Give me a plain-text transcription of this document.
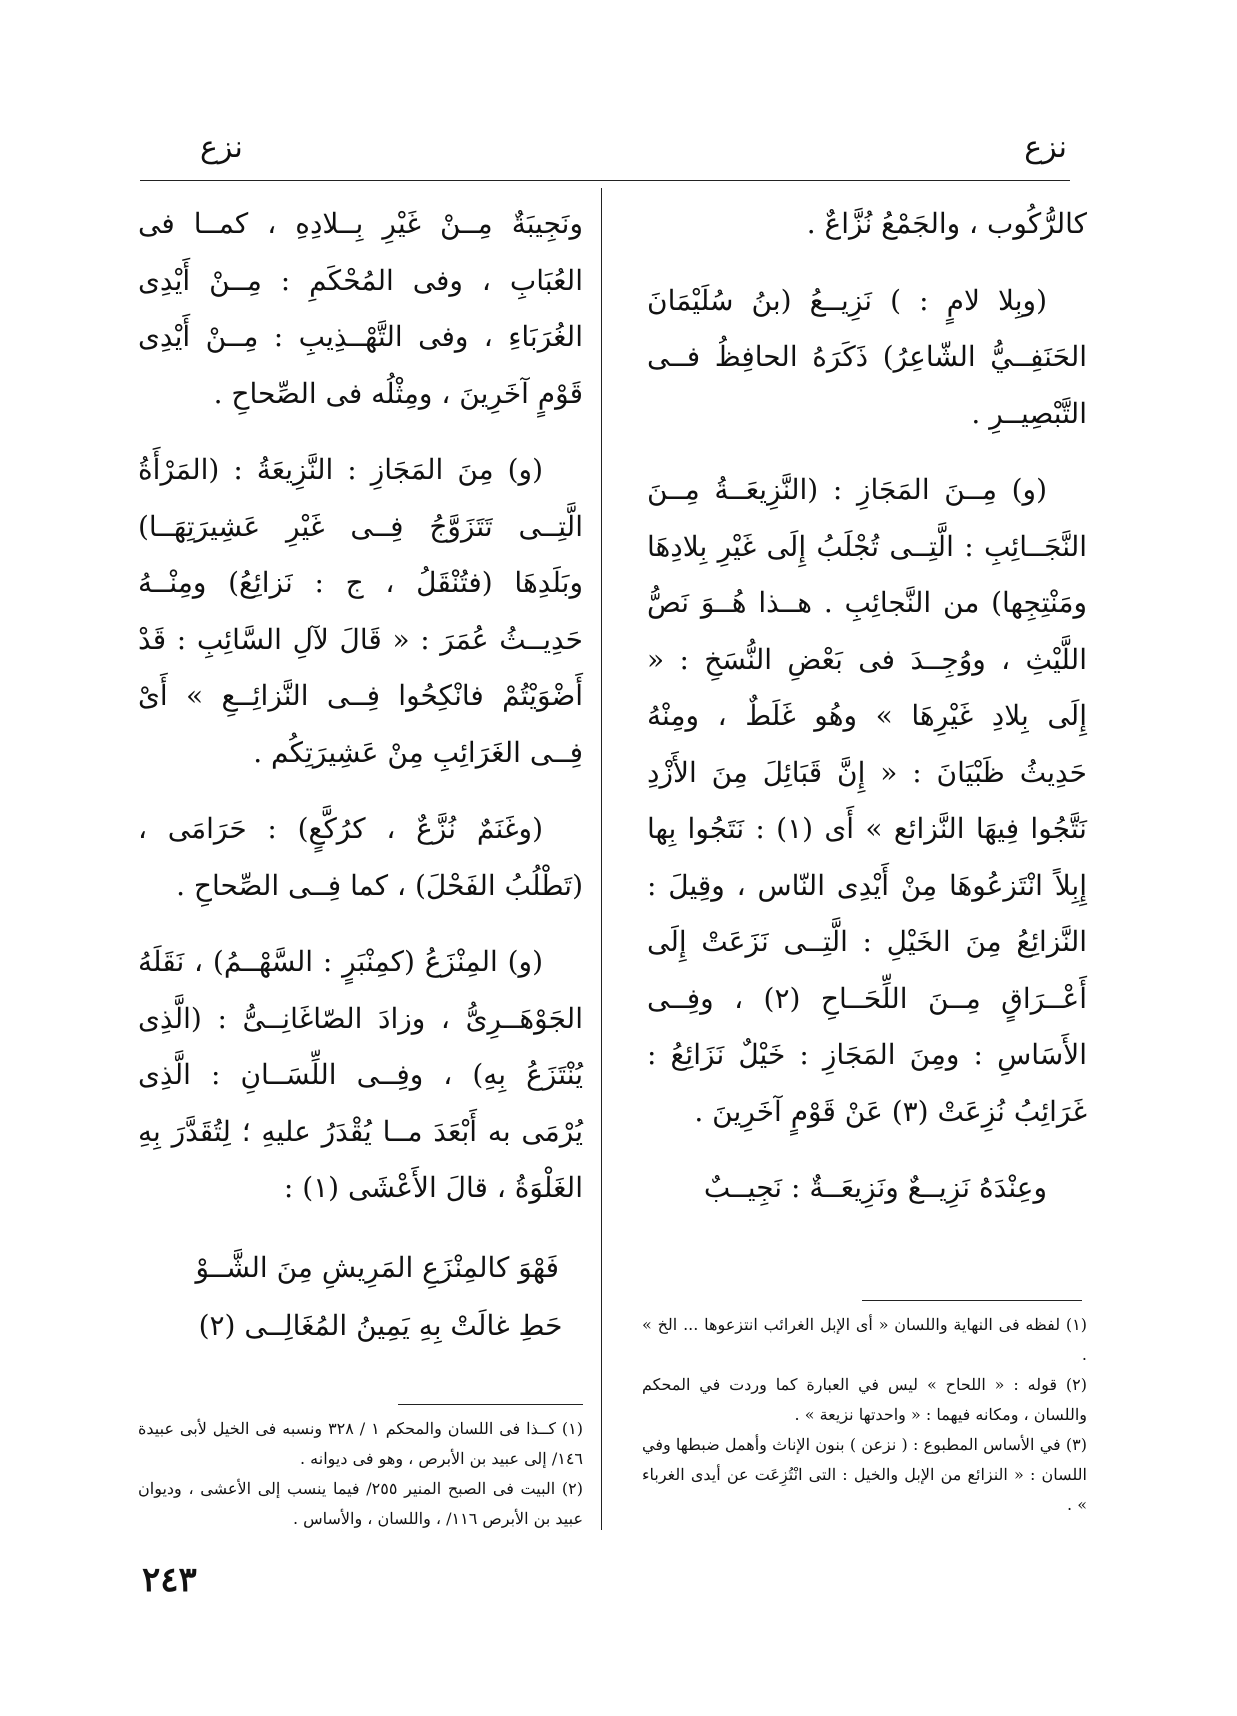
نزع
نزع

كالرُّكُوب ، والجَمْعُ نُزَّاعٌ .

(وبِلا لامٍ : ) نَزِيــعُ (بنُ سُلَيْمَانَ الحَنَفِــيُّ الشّاعِرُ) ذَكَرَهُ الحافِظُ فــى التَّبْصِيــرِ .

(و) مِــنَ المَجَازِ : (النَّزِيعَــةُ مِــنَ النَّجَــائِبِ : الَّتِــى تُجْلَبُ إِلَى غَيْرِ بِلادِهَا ومَنْتِجِها) من النَّجائِبِ . هــذا هُــوَ نَصُّ اللَّيْثِ ، ووُجِــدَ فى بَعْضِ النُّسَخِ : « إِلَى بِلادِ غَيْرِهَا » وهُو غَلَطٌ ، ومِنْهُ حَدِيثُ ظَبْيَانَ : « إِنَّ قَبَائِلَ مِنَ الأَزْدِ نَتَّجُوا فِيهَا النَّزائع » أَى (١) : نَتَجُوا بِها إِبِلاً انْتَزعُوهَا مِنْ أَيْدِى النّاس ، وقِيلَ : النَّزائِعُ مِنَ الخَيْلِ : الَّتِــى نَزَعَتْ إِلَى أَعْــرَاقٍ مِــنَ اللِّحَــاحِ (٢) ، وفِــى الأَسَاسِ : ومِنَ المَجَازِ : خَيْلٌ نَزَائِعُ : غَرَائِبُ نُزِعَتْ (٣) عَنْ قَوْمٍ آخَرِينَ .

وعِنْدَهُ نَزِيــعٌ ونَزِيعَــةٌ : نَجِيــبٌ

(١) لفظه فى النهاية واللسان « أى الإبل الغرائب انتزعوها ... الخ » .

(٢) قوله : « اللحاح » ليس في العبارة كما وردت في المحكم واللسان ، ومكانه فيهما : « واحدتها نزيعة » .

(٣) في الأساس المطبوع : ( نزعن ) بنون الإناث وأهمل ضبطها وفي اللسان : « النزائع من الإبل والخيل : التى انْتُزِعَت عن أيدى الغرباء » .

ونَجِيبَةٌ مِــنْ غَيْرِ بِــلادِهِ ، كمــا فى العُبَابِ ، وفى المُحْكَمِ : مِــنْ أَيْدِى الغُرَبَاءِ ، وفى التَّهْــذِيبِ : مِــنْ أَيْدِى قَوْمٍ آخَرِينَ ، ومِثْلُه فى الصِّحاحِ .

(و) مِنَ المَجَازِ : النَّزِيعَةُ : (المَرْأَةُ الَّتِــى تَتَزَوَّجُ فِــى غَيْرِ عَشِيرَتِهَــا) وبَلَدِهَا (فتُنْقَلُ ، ج : نَزائِعُ) ومِنْــهُ حَدِيــثُ عُمَرَ : « قَالَ لآلِ السَّائِبِ : قَدْ أَضْوَيْتُمْ فانْكِحُوا فِــى النَّزائِــعِ » أَىْ فِــى الغَرَائِبِ مِنْ عَشِيرَتِكُم .

(وغَنَمٌ نُزَّعٌ ، كرُكَّعٍ) : حَرَامَى ، (تَطْلُبُ الفَحْلَ) ، كما فِــى الصِّحاحِ .

(و) المِنْزَعُ (كمِنْبَرٍ : السَّهْــمُ) ، نَقَلَهُ الجَوْهَــرِىُّ ، وزادَ الصّاغَانِــىُّ : (الَّذِى يُنْتَزَعُ بِهِ) ، وفِــى اللِّسَــانِ : الَّذِى يُرْمَى به أَبْعَدَ مــا يُقْدَرُ عليهِ ؛ لِتُقَدَّرَ بِهِ الغَلْوَةُ ، قالَ الأَعْشَى (١) :

فَهْوَ كالمِنْزَعِ المَرِيشِ مِنَ الشَّــوْ
حَطِ غالَتْ بِهِ يَمِينُ المُغَالِــى (٢)

(١) كــذا فى اللسان والمحكم ١ / ٣٢٨ ونسبه فى الخيل لأبى عبيدة ١٤٦/ إلى عبيد بن الأبرص ، وهو فى ديوانه .

(٢) البيت فى الصبح المنير ٢٥٥/ فيما ينسب إلى الأعشى ، وديوان عبيد بن الأبرص ١١٦/ ، واللسان ، والأساس .

٢٤٣
